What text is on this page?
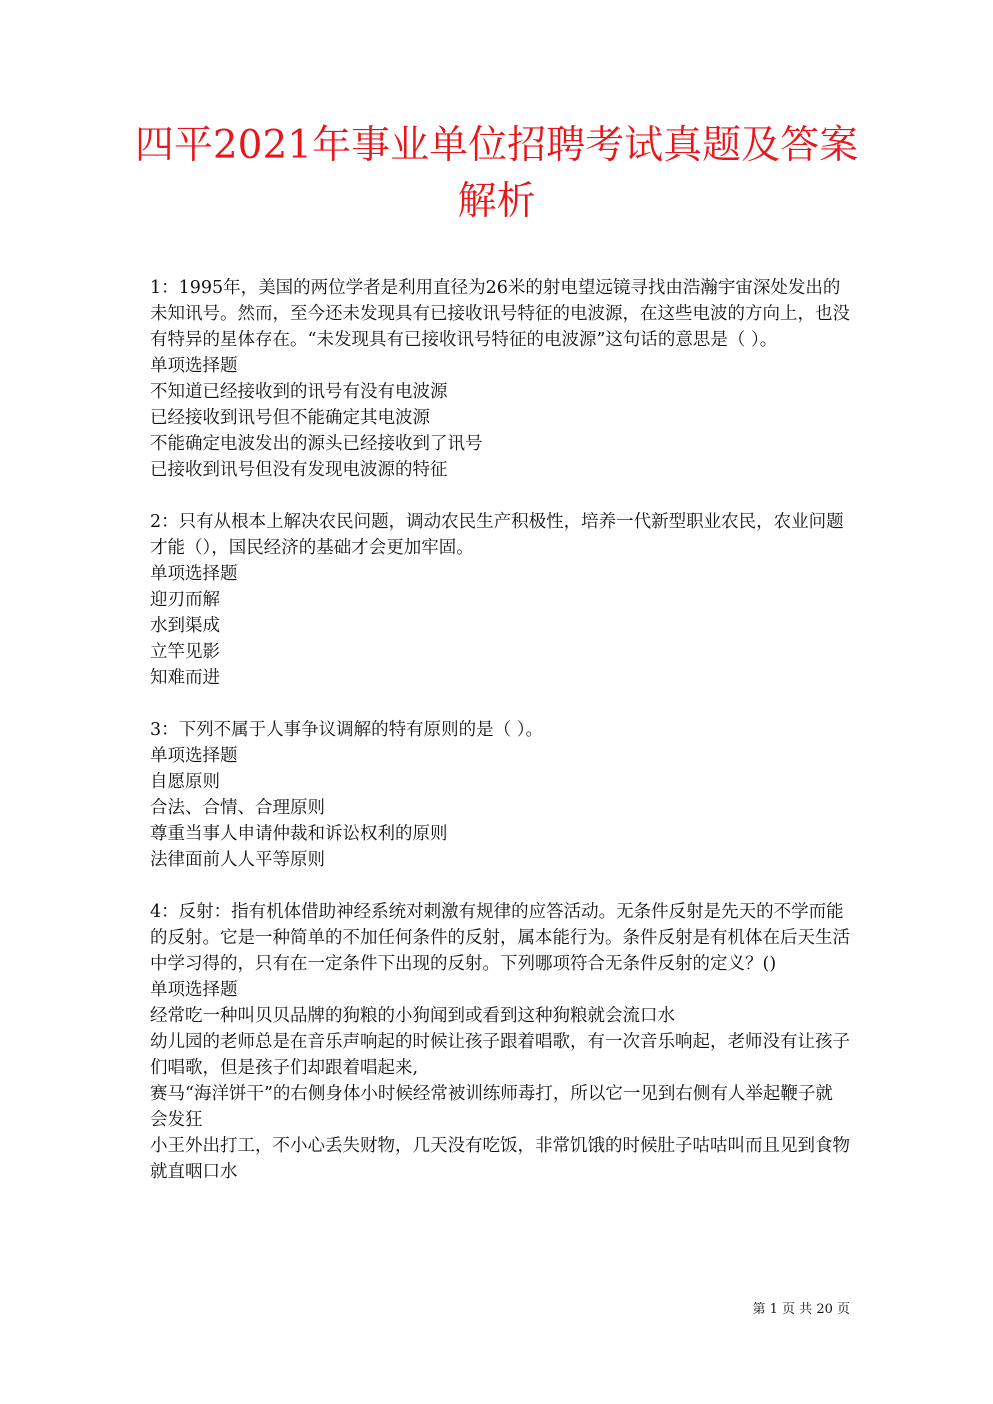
四平2021年事业单位招聘考试真题及答案解析

1：1995年，美国的两位学者是利用直径为26米的射电望远镜寻找由浩瀚宇宙深处发出的未知讯号。然而，至今还未发现具有已接收讯号特征的电波源，在这些电波的方向上，也没有特异的星体存在。“未发现具有已接收讯号特征的电波源”这句话的意思是（ ）。

单项选择题

不知道已经接收到的讯号有没有电波源

已经接收到讯号但不能确定其电波源

不能确定电波发出的源头已经接收到了讯号

已接收到讯号但没有发现电波源的特征

2：只有从根本上解决农民问题，调动农民生产积极性，培养一代新型职业农民，农业问题才能（），国民经济的基础才会更加牢固。

单项选择题

迎刃而解

水到渠成

立竿见影

知难而进

3：下列不属于人事争议调解的特有原则的是（ ）。

单项选择题

自愿原则

合法、合情、合理原则

尊重当事人申请仲裁和诉讼权利的原则

法律面前人人平等原则

4：反射：指有机体借助神经系统对刺激有规律的应答活动。无条件反射是先天的不学而能的反射。它是一种简单的不加任何条件的反射，属本能行为。条件反射是有机体在后天生活中学习得的，只有在一定条件下出现的反射。下列哪项符合无条件反射的定义？()

单项选择题

经常吃一种叫贝贝品牌的狗粮的小狗闻到或看到这种狗粮就会流口水

幼儿园的老师总是在音乐声响起的时候让孩子跟着唱歌，有一次音乐响起，老师没有让孩子们唱歌，但是孩子们却跟着唱起来,

赛马“海洋饼干”的右侧身体小时候经常被训练师毒打，所以它一见到右侧有人举起鞭子就会发狂

小王外出打工，不小心丢失财物，几天没有吃饭，非常饥饿的时候肚子咕咕叫而且见到食物就直咽口水

第 1 页 共 20 页
